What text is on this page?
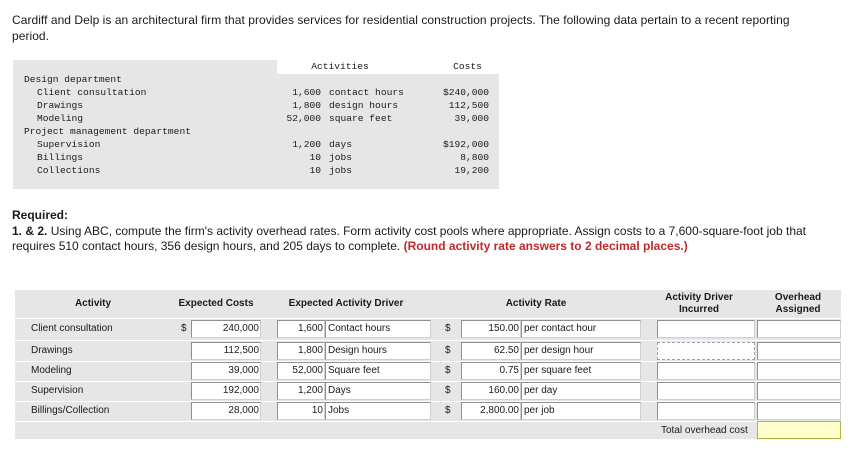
Cardiff and Delp is an architectural firm that provides services for residential construction projects. The following data pertain to a recent reporting period.
Activities	Costs
Design department
Client consultation	1,600 contact hours	$240,000
Drawings	1,800 design hours	112,500
Modeling	52,000 square feet	39,000
Project management department
Supervision	1,200 days	$192,000
Billings	10 jobs	8,800
Collections	10 jobs	19,200
Required:
1. & 2. Using ABC, compute the firm's activity overhead rates. Form activity cost pools where appropriate. Assign costs to a 7,600-square-foot job that requires 510 contact hours, 356 design hours, and 205 days to complete. (Round activity rate answers to 2 decimal places.)
Activity	Expected Costs	Expected Activity Driver	Activity Rate
Activity Driver Incurred
Overhead Assigned
Client consultation	$	240,000	1,600 Contact hours	$	150.00 per contact hour
Drawings	112,500	1,800 Design hours	$	62.50 per design hour
Modeling	39,000	52,000 Square feet	$	0.75 per square feet
Supervision	192,000	1,200 Days	$	160.00 per day
Billings/Collection	28,000	10 Jobs	$	2,800.00 per job
Total overhead cost
